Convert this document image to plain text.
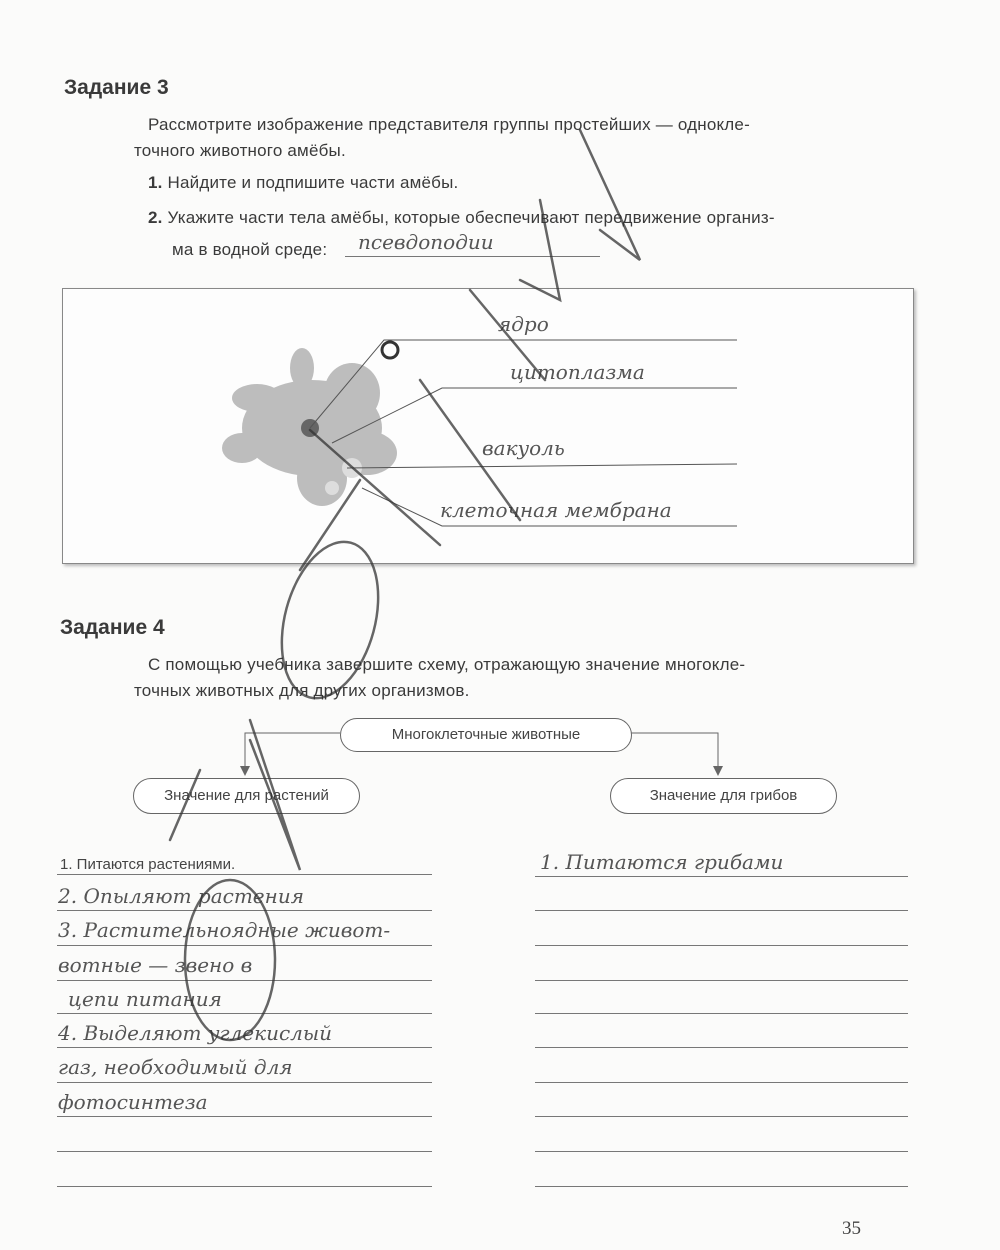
Задание 3
Рассмотрите изображение представителя группы простейших — однокле-
точного животного амёбы.
1. Найдите и подпишите части амёбы.
2. Укажите части тела амёбы, которые обеспечивают передвижение организ-
ма в водной среде:	псевдоподии
ядро
цитоплазма
вакуоль
клеточная мембрана
Задание 4
С помощью учебника завершите схему, отражающую значение многокле-
точных животных для других организмов.
Многоклеточные животные
Значение для растений	Значение для грибов
1. Питаются растениями.
2. Опыляют растения
3. Растительноядные живот-
вотные — звено в
цепи питания
4. Выделяют углекислый
газ, необходимый для
фотосинтеза
1. Питаются грибами
35
